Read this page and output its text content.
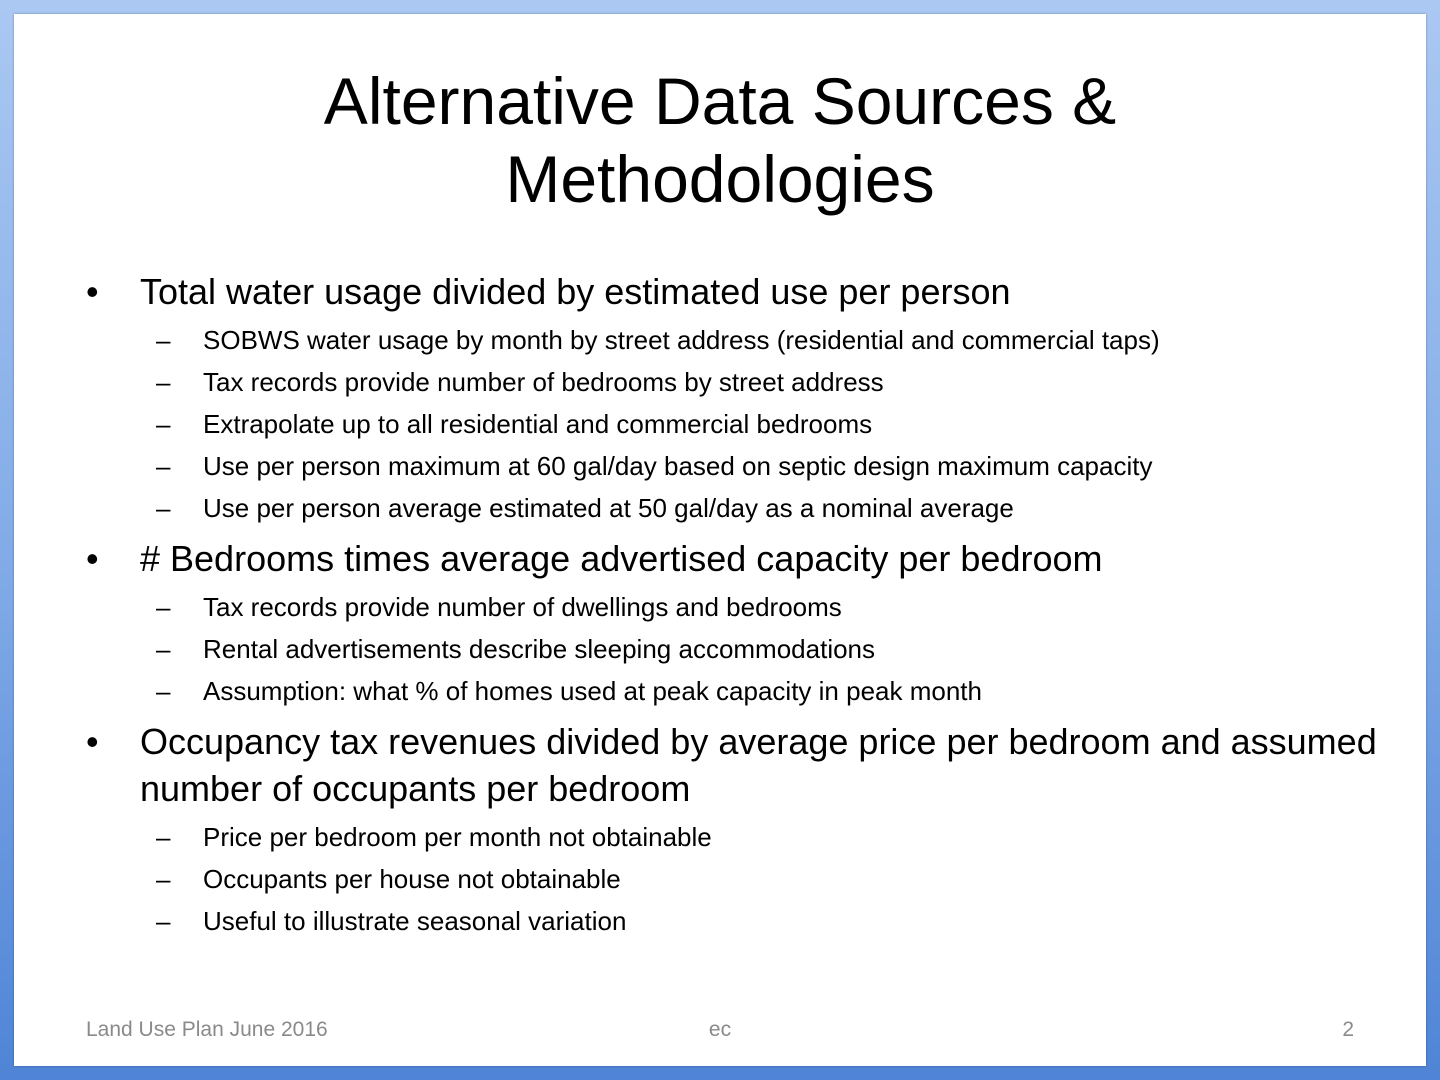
Alternative Data Sources &
Methodologies

•	Total water usage divided by estimated use per person

– SOBWS water usage by month by street address (residential and commercial taps)
– Tax records provide number of bedrooms by street address
– Extrapolate up to all residential and commercial bedrooms
– Use per person maximum at 60 gal/day based on septic design maximum capacity
– Use per person average estimated at 50 gal/day as a nominal average

•	# Bedrooms times average advertised capacity per bedroom

– Tax records provide number of dwellings and bedrooms
– Rental advertisements describe sleeping accommodations
– Assumption: what % of homes used at peak capacity in peak month

•	Occupancy tax revenues divided by average price per bedroom and assumed number of occupants per bedroom

– Price per bedroom per month not obtainable
– Occupants per house not obtainable
– Useful to illustrate seasonal variation
Land Use Plan June 2016	ec	2
